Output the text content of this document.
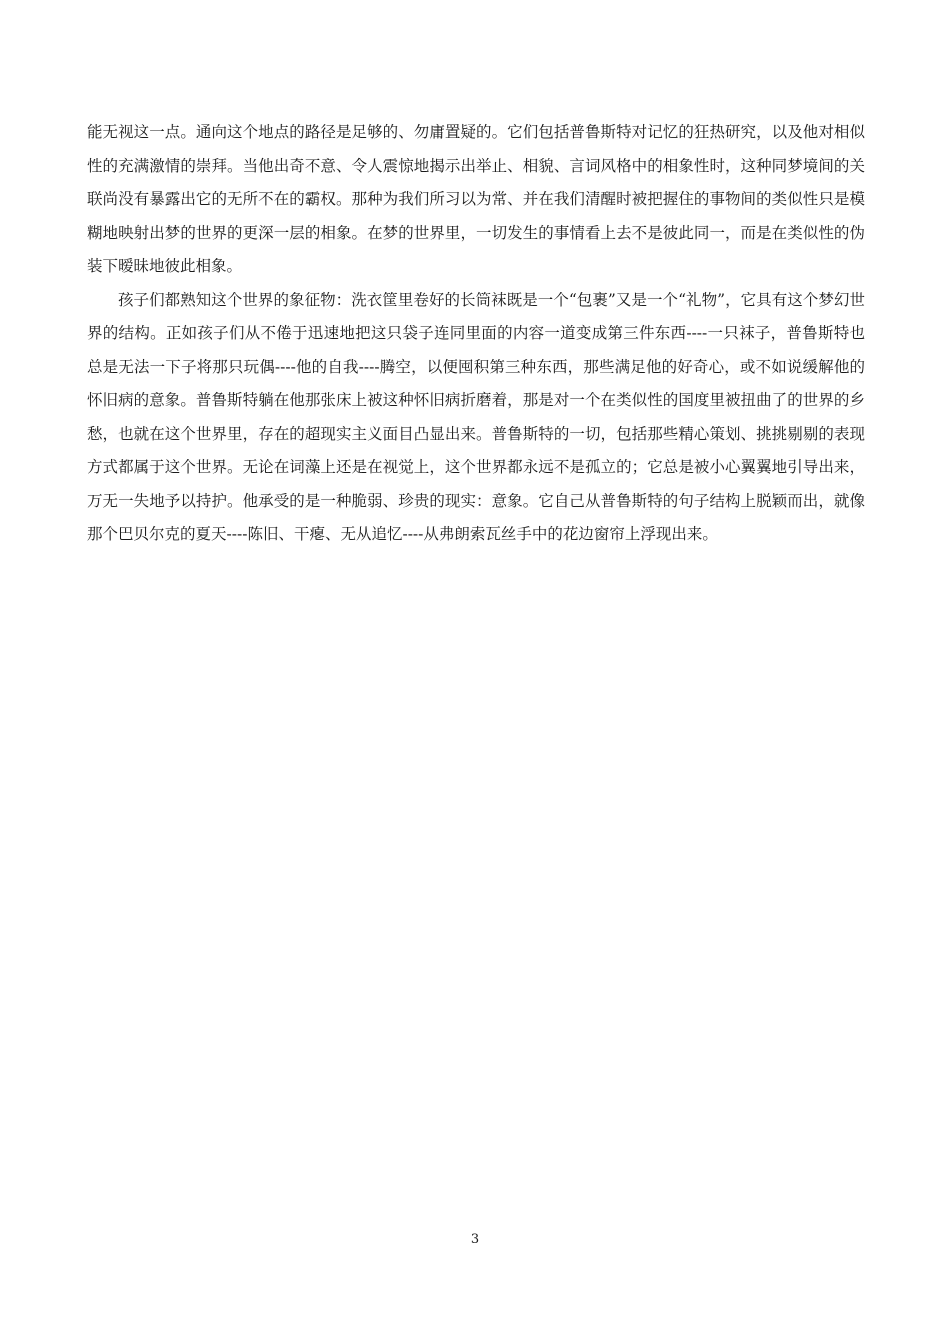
能无视这一点。通向这个地点的路径是足够的、勿庸置疑的。它们包括普鲁斯特对记忆的狂热研究，以及他对相似性的充满激情的崇拜。当他出奇不意、令人震惊地揭示出举止、相貌、言词风格中的相象性时，这种同梦境间的关联尚没有暴露出它的无所不在的霸权。那种为我们所习以为常、并在我们清醒时被把握住的事物间的类似性只是模糊地映射出梦的世界的更深一层的相象。在梦的世界里，一切发生的事情看上去不是彼此同一，而是在类似性的伪装下暧昧地彼此相象。

孩子们都熟知这个世界的象征物：洗衣筐里卷好的长筒袜既是一个“包裹”又是一个“礼物”，它具有这个梦幻世界的结构。正如孩子们从不倦于迅速地把这只袋子连同里面的内容一道变成第三件东西----一只袜子，普鲁斯特也总是无法一下子将那只玩偶----他的自我----腾空，以便囤积第三种东西，那些满足他的好奇心，或不如说缓解他的怀旧病的意象。普鲁斯特躺在他那张床上被这种怀旧病折磨着，那是对一个在类似性的国度里被扭曲了的世界的乡愁，也就在这个世界里，存在的超现实主义面目凸显出来。普鲁斯特的一切，包括那些精心策划、挑挑剔剔的表现方式都属于这个世界。无论在词藻上还是在视觉上，这个世界都永远不是孤立的；它总是被小心翼翼地引导出来，万无一失地予以持护。他承受的是一种脆弱、珍贵的现实：意象。它自己从普鲁斯特的句子结构上脱颖而出，就像那个巴贝尔克的夏天----陈旧、干瘪、无从追忆----从弗朗索瓦丝手中的花边窗帘上浮现出来。

3
